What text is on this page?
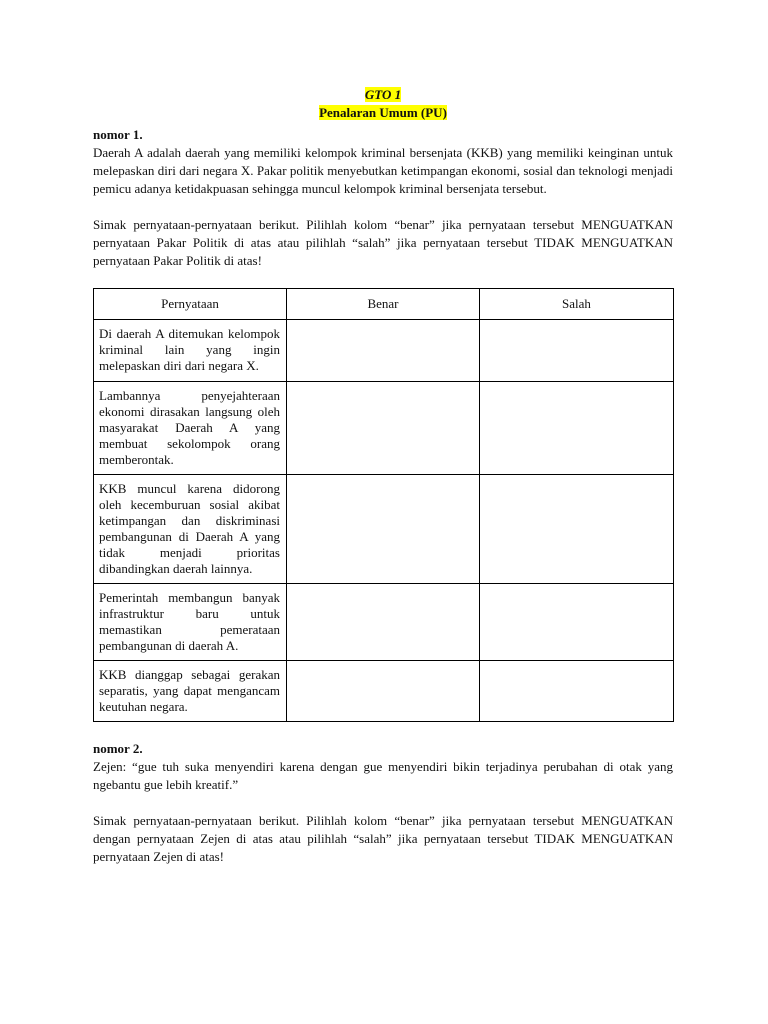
GTO 1
Penalaran Umum (PU)
nomor 1.
Daerah A adalah daerah yang memiliki kelompok kriminal bersenjata (KKB) yang memiliki keinginan untuk melepaskan diri dari negara X. Pakar politik menyebutkan ketimpangan ekonomi, sosial dan teknologi menjadi pemicu adanya ketidakpuasan sehingga muncul kelompok kriminal bersenjata tersebut.
Simak pernyataan-pernyataan berikut. Pilihlah kolom “benar” jika pernyataan tersebut MENGUATKAN pernyataan Pakar Politik di atas atau pilihlah “salah” jika pernyataan tersebut TIDAK MENGUATKAN pernyataan Pakar Politik di atas!
Pernyataan	Benar	Salah
Di daerah A ditemukan kelompok kriminal lain yang ingin melepaskan diri dari negara X.		
Lambannya penyejahteraan ekonomi dirasakan langsung oleh masyarakat Daerah A yang membuat sekolompok orang memberontak.		
KKB muncul karena didorong oleh kecemburuan sosial akibat ketimpangan dan diskriminasi pembangunan di Daerah A yang tidak menjadi prioritas dibandingkan daerah lainnya.		
Pemerintah membangun banyak infrastruktur baru untuk memastikan pemerataan pembangunan di daerah A.		
KKB dianggap sebagai gerakan separatis, yang dapat mengancam keutuhan negara.		
nomor 2.
Zejen: “gue tuh suka menyendiri karena dengan gue menyendiri bikin terjadinya perubahan di otak yang ngebantu gue lebih kreatif.”
Simak pernyataan-pernyataan berikut. Pilihlah kolom “benar” jika pernyataan tersebut MENGUATKAN dengan pernyataan Zejen di atas atau pilihlah “salah” jika pernyataan tersebut TIDAK MENGUATKAN pernyataan Zejen di atas!
